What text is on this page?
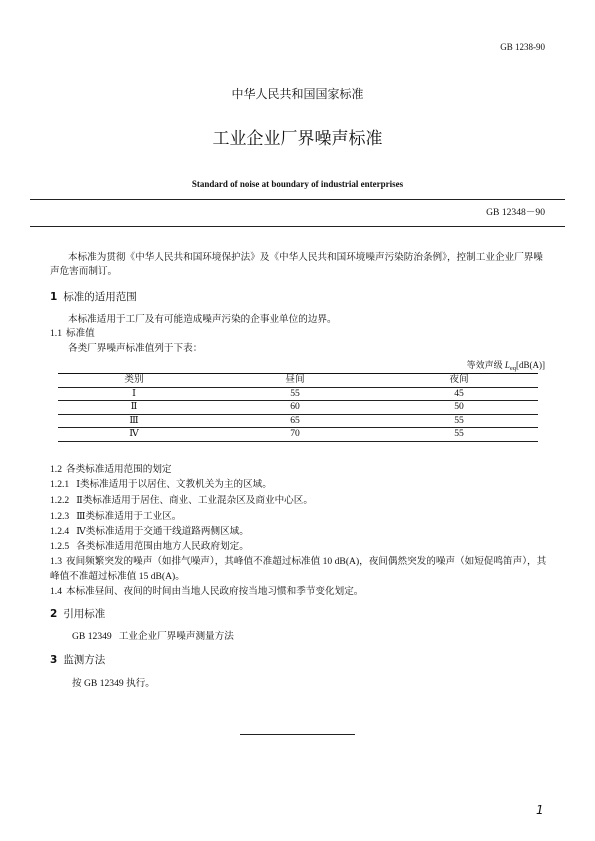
GB 1238-90
中华人民共和国国家标准
工业企业厂界噪声标准
Standard of noise at boundary of industrial enterprises
GB 12348－90
本标准为贯彻《中华人民共和国环境保护法》及《中华人民共和国环境噪声污染防治条例》，控制工业企业厂界噪
声危害而制订。
1 标准的适用范围
本标准适用于工厂及有可能造成噪声污染的企事业单位的边界。
1.1 标准值
各类厂界噪声标准值列于下表：
等效声级 $L_{eq}[dB(A)]$
类别	昼间	夜间
Ⅰ	55	45
Ⅱ	60	50
Ⅲ	65	55
Ⅳ	70	55
1.2 各类标准适用范围的划定
1.2.1 Ⅰ类标准适用于以居住、文教机关为主的区域。
1.2.2 Ⅱ类标准适用于居住、商业、工业混杂区及商业中心区。
1.2.3 Ⅲ类标准适用于工业区。
1.2.4 Ⅳ类标准适用于交通干线道路两侧区域。
1.2.5 各类标准适用范围由地方人民政府划定。
1.3 夜间频繁突发的噪声（如排气噪声），其峰值不准超过标准值 10 dB(A)，夜间偶然突发的噪声（如短促鸣笛声），其
峰值不准超过标准值 15 dB(A)。
1.4 本标准昼间、夜间的时间由当地人民政府按当地习惯和季节变化划定。
2 引用标准
GB 12349 工业企业厂界噪声测量方法
3 监测方法
按 GB 12349 执行。
1
